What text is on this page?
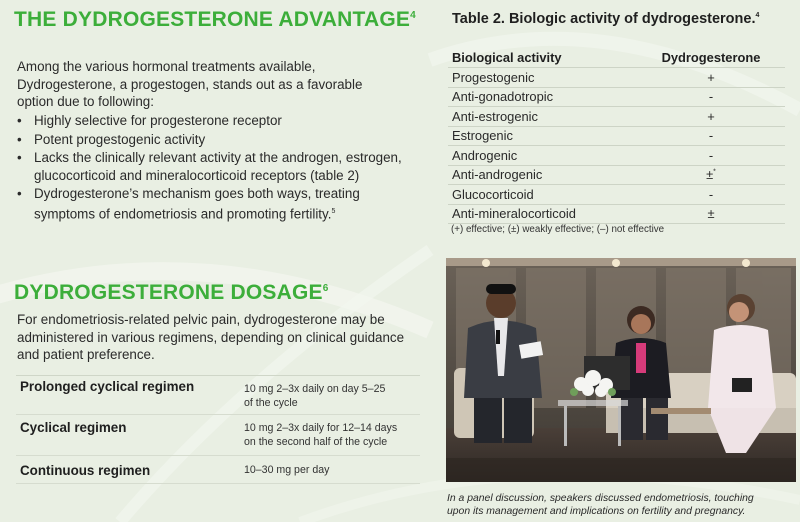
THE DYDROGESTERONE ADVANTAGE$^4$

Among the various hormonal treatments available,
Dydrogesterone, a progestogen, stands out as a favorable
option due to following:

• Highly selective for progesterone receptor
• Potent progestogenic activity
• Lacks the clinically relevant activity at the androgen, estrogen, glucocorticoid and mineralocorticoid receptors (table 2)
• Dydrogesterone’s mechanism goes both ways, treating symptoms of endometriosis and promoting fertility.$^5$
DYDROGESTERONE DOSAGE$^6$

For endometriosis-related pelvic pain, dydrogesterone may be
administered in various regimens, depending on clinical guidance
and patient preference.

Prolonged cyclical regimen	10 mg 2–3x daily on day 5–25
of the cycle
Cyclical regimen	10 mg 2–3x daily for 12–14 days
on the second half of the cycle
Continuous regimen	10–30 mg per day

Table 2. Biologic activity of dydrogesterone.$^4$
Biological activity	Dydrogesterone
Progestogenic	+
Anti-gonadotropic	-
Anti-estrogenic	+
Estrogenic	-
Androgenic	-
Anti-androgenic	±*
Glucocorticoid	-
Anti-mineralocorticoid	±
(+) effective; (±) weakly effective; (–) not effective
In a panel discussion, speakers discussed endometriosis, touching
upon its management and implications on fertility and pregnancy.
